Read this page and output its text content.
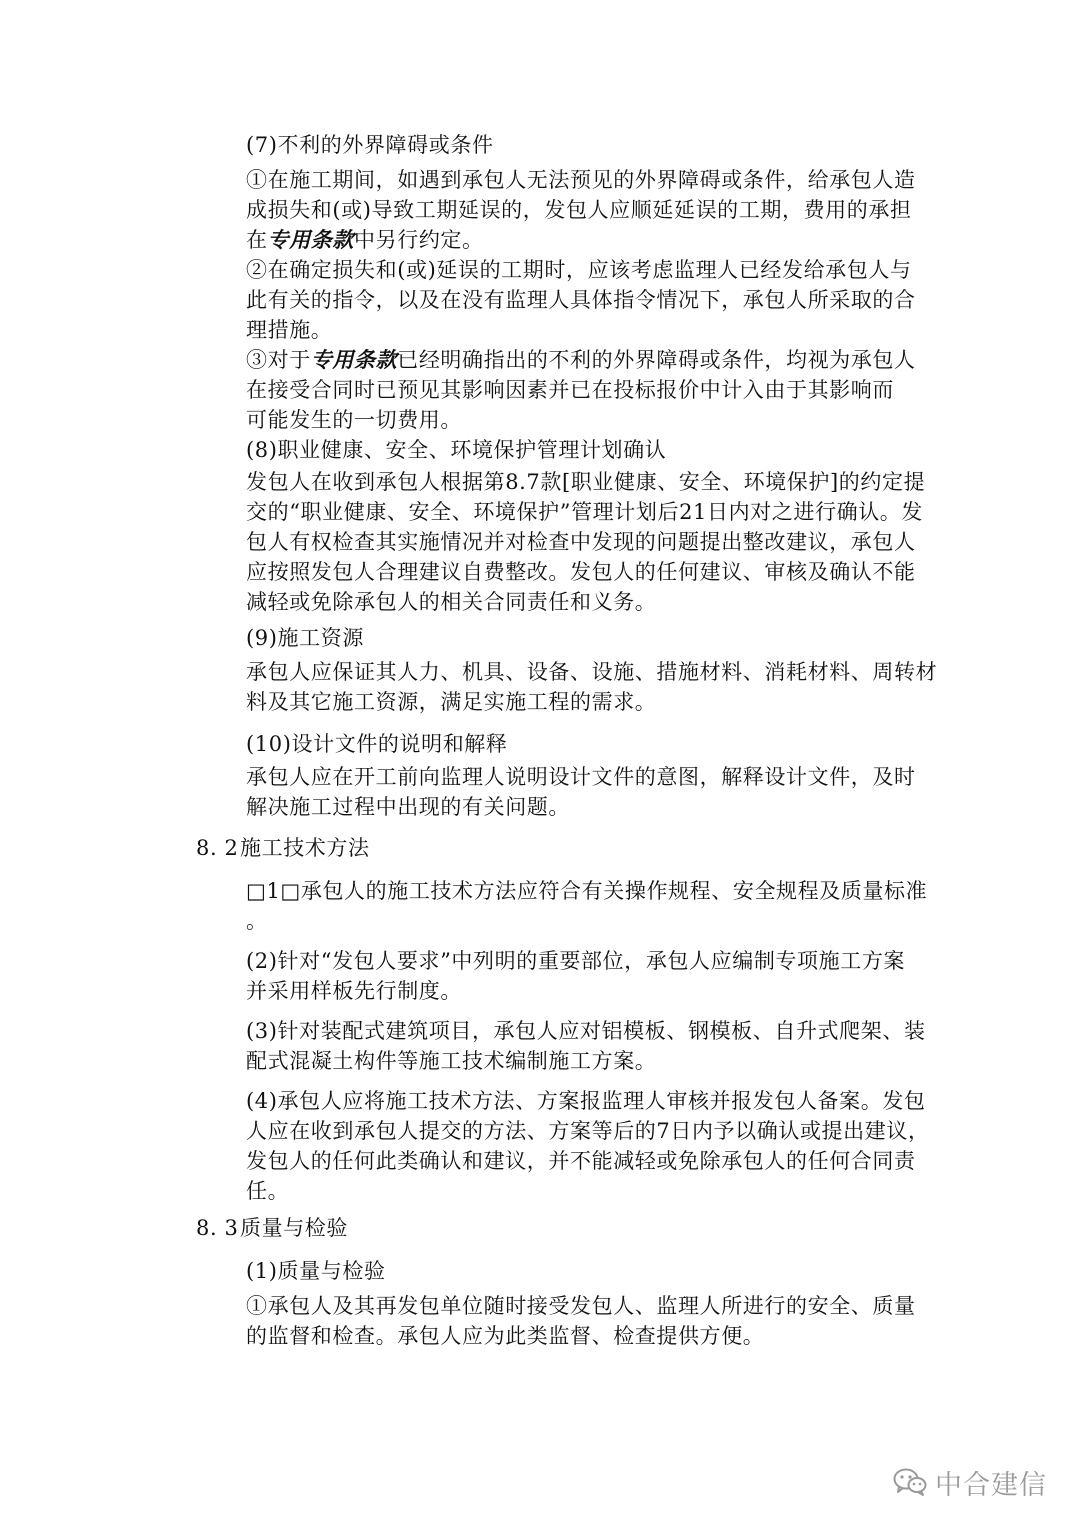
(7)不利的外界障碍或条件
①在施工期间，如遇到承包人无法预见的外界障碍或条件，给承包人造
成损失和(或)导致工期延误的，发包人应顺延延误的工期，费用的承担
在专用条款中另行约定。
②在确定损失和(或)延误的工期时，应该考虑监理人已经发给承包人与
此有关的指令，以及在没有监理人具体指令情况下，承包人所采取的合
理措施。
③对于专用条款已经明确指出的不利的外界障碍或条件，均视为承包人
在接受合同时已预见其影响因素并已在投标报价中计入由于其影响而
可能发生的一切费用。
(8)职业健康、安全、环境保护管理计划确认
发包人在收到承包人根据第8.7款[职业健康、安全、环境保护]的约定提
交的“职业健康、安全、环境保护”管理计划后21日内对之进行确认。发
包人有权检查其实施情况并对检查中发现的问题提出整改建议，承包人
应按照发包人合理建议自费整改。发包人的任何建议、审核及确认不能
减轻或免除承包人的相关合同责任和义务。
(9)施工资源
承包人应保证其人力、机具、设备、设施、措施材料、消耗材料、周转材
料及其它施工资源，满足实施工程的需求。
(10)设计文件的说明和解释
承包人应在开工前向监理人说明设计文件的意图，解释设计文件，及时
解决施工过程中出现的有关问题。
8. 2施工技术方法
□1□承包人的施工技术方法应符合有关操作规程、安全规程及质量标准
。
(2)针对“发包人要求”中列明的重要部位，承包人应编制专项施工方案
并采用样板先行制度。
(3)针对装配式建筑项目，承包人应对铝模板、钢模板、自升式爬架、装
配式混凝土构件等施工技术编制施工方案。
(4)承包人应将施工技术方法、方案报监理人审核并报发包人备案。发包
人应在收到承包人提交的方法、方案等后的7日内予以确认或提出建议，
发包人的任何此类确认和建议，并不能减轻或免除承包人的任何合同责
任。
8. 3质量与检验
(1)质量与检验
①承包人及其再发包单位随时接受发包人、监理人所进行的安全、质量
的监督和检查。承包人应为此类监督、检查提供方便。
中合建信
